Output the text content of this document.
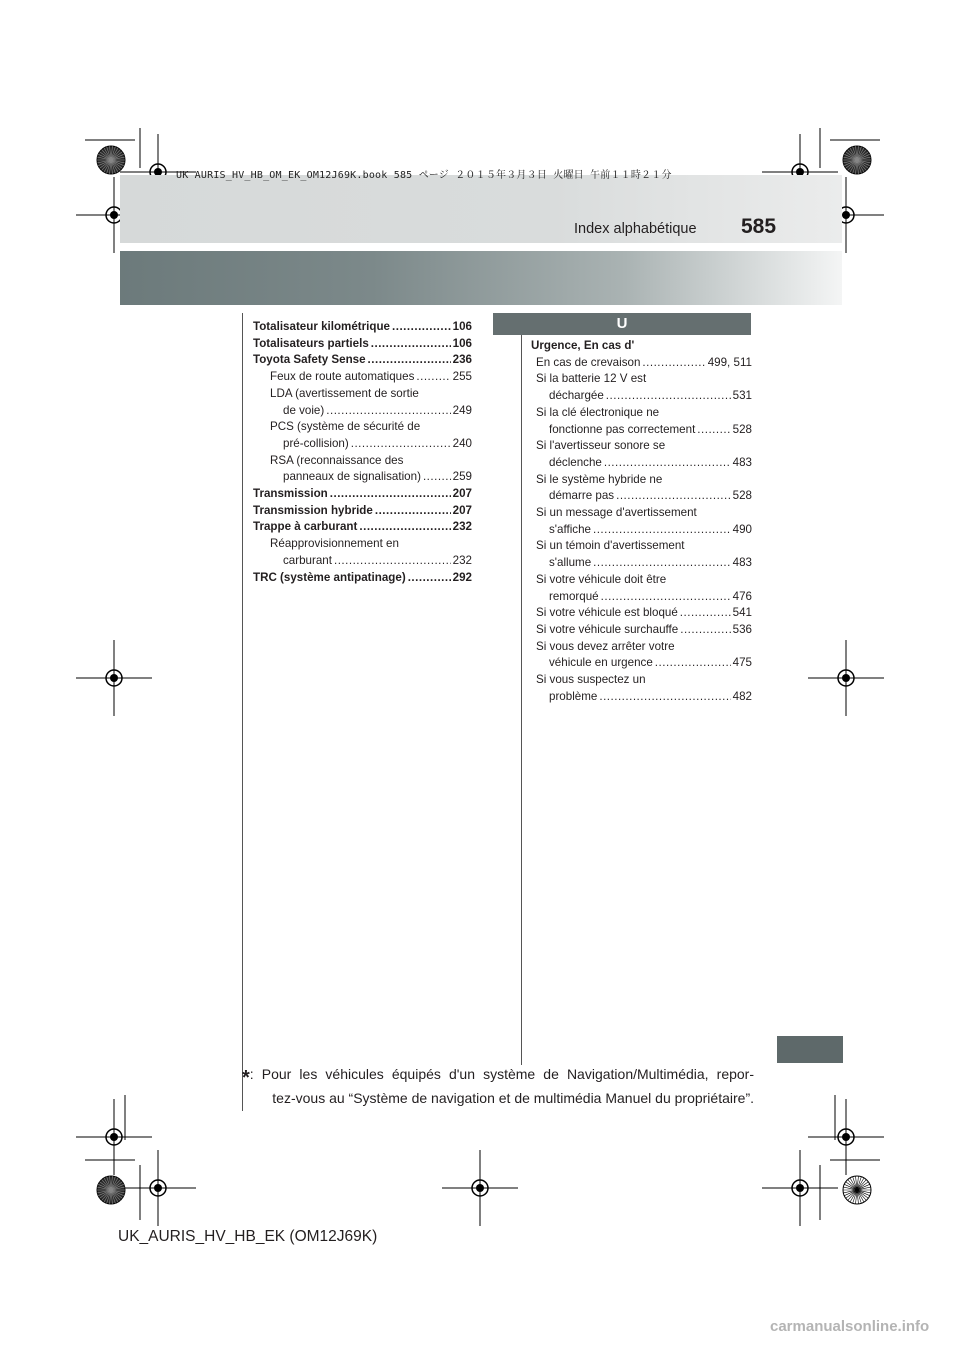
UK AURIS_HV_HB_OM_EK_OM12J69K.book 585 ページ ２０１５年３月３日 火曜日 午前１１時２１分
Index alphabétique 585
Totalisateur kilométrique .....	106
Totalisateurs partiels .....	106
Toyota Safety Sense .....	236
Feux de route automatiques .....	255
LDA (avertissement de sortie
de voie) .....	249
PCS (système de sécurité de
pré-collision) .....	240
RSA (reconnaissance des
panneaux de signalisation) .....	259
Transmission .....	207
Transmission hybride .....	207
Trappe à carburant .....	232
Réapprovisionnement en
carburant .....	232
TRC (système antipatinage) .....	292
U
Urgence, En cas d'
En cas de crevaison .....	499, 511
Si la batterie 12 V est
déchargée .....	531
Si la clé électronique ne
fonctionne pas correctement .....	528
Si l'avertisseur sonore se
déclenche .....	483
Si le système hybride ne
démarre pas .....	528
Si un message d'avertissement
s'affiche .....	490
Si un témoin d'avertissement
s'allume .....	483
Si votre véhicule doit être
remorqué .....	476
Si votre véhicule est bloqué .....	541
Si votre véhicule surchauffe .....	536
Si vous devez arrêter votre
véhicule en urgence .....	475
Si vous suspectez un
problème .....	482
*: Pour les véhicules équipés d'un système de Navigation/Multimédia, repor-
tez-vous au “Système de navigation et de multimédia Manuel du propriétaire”.
UK_AURIS_HV_HB_EK (OM12J69K)
carmanualsonline.info
